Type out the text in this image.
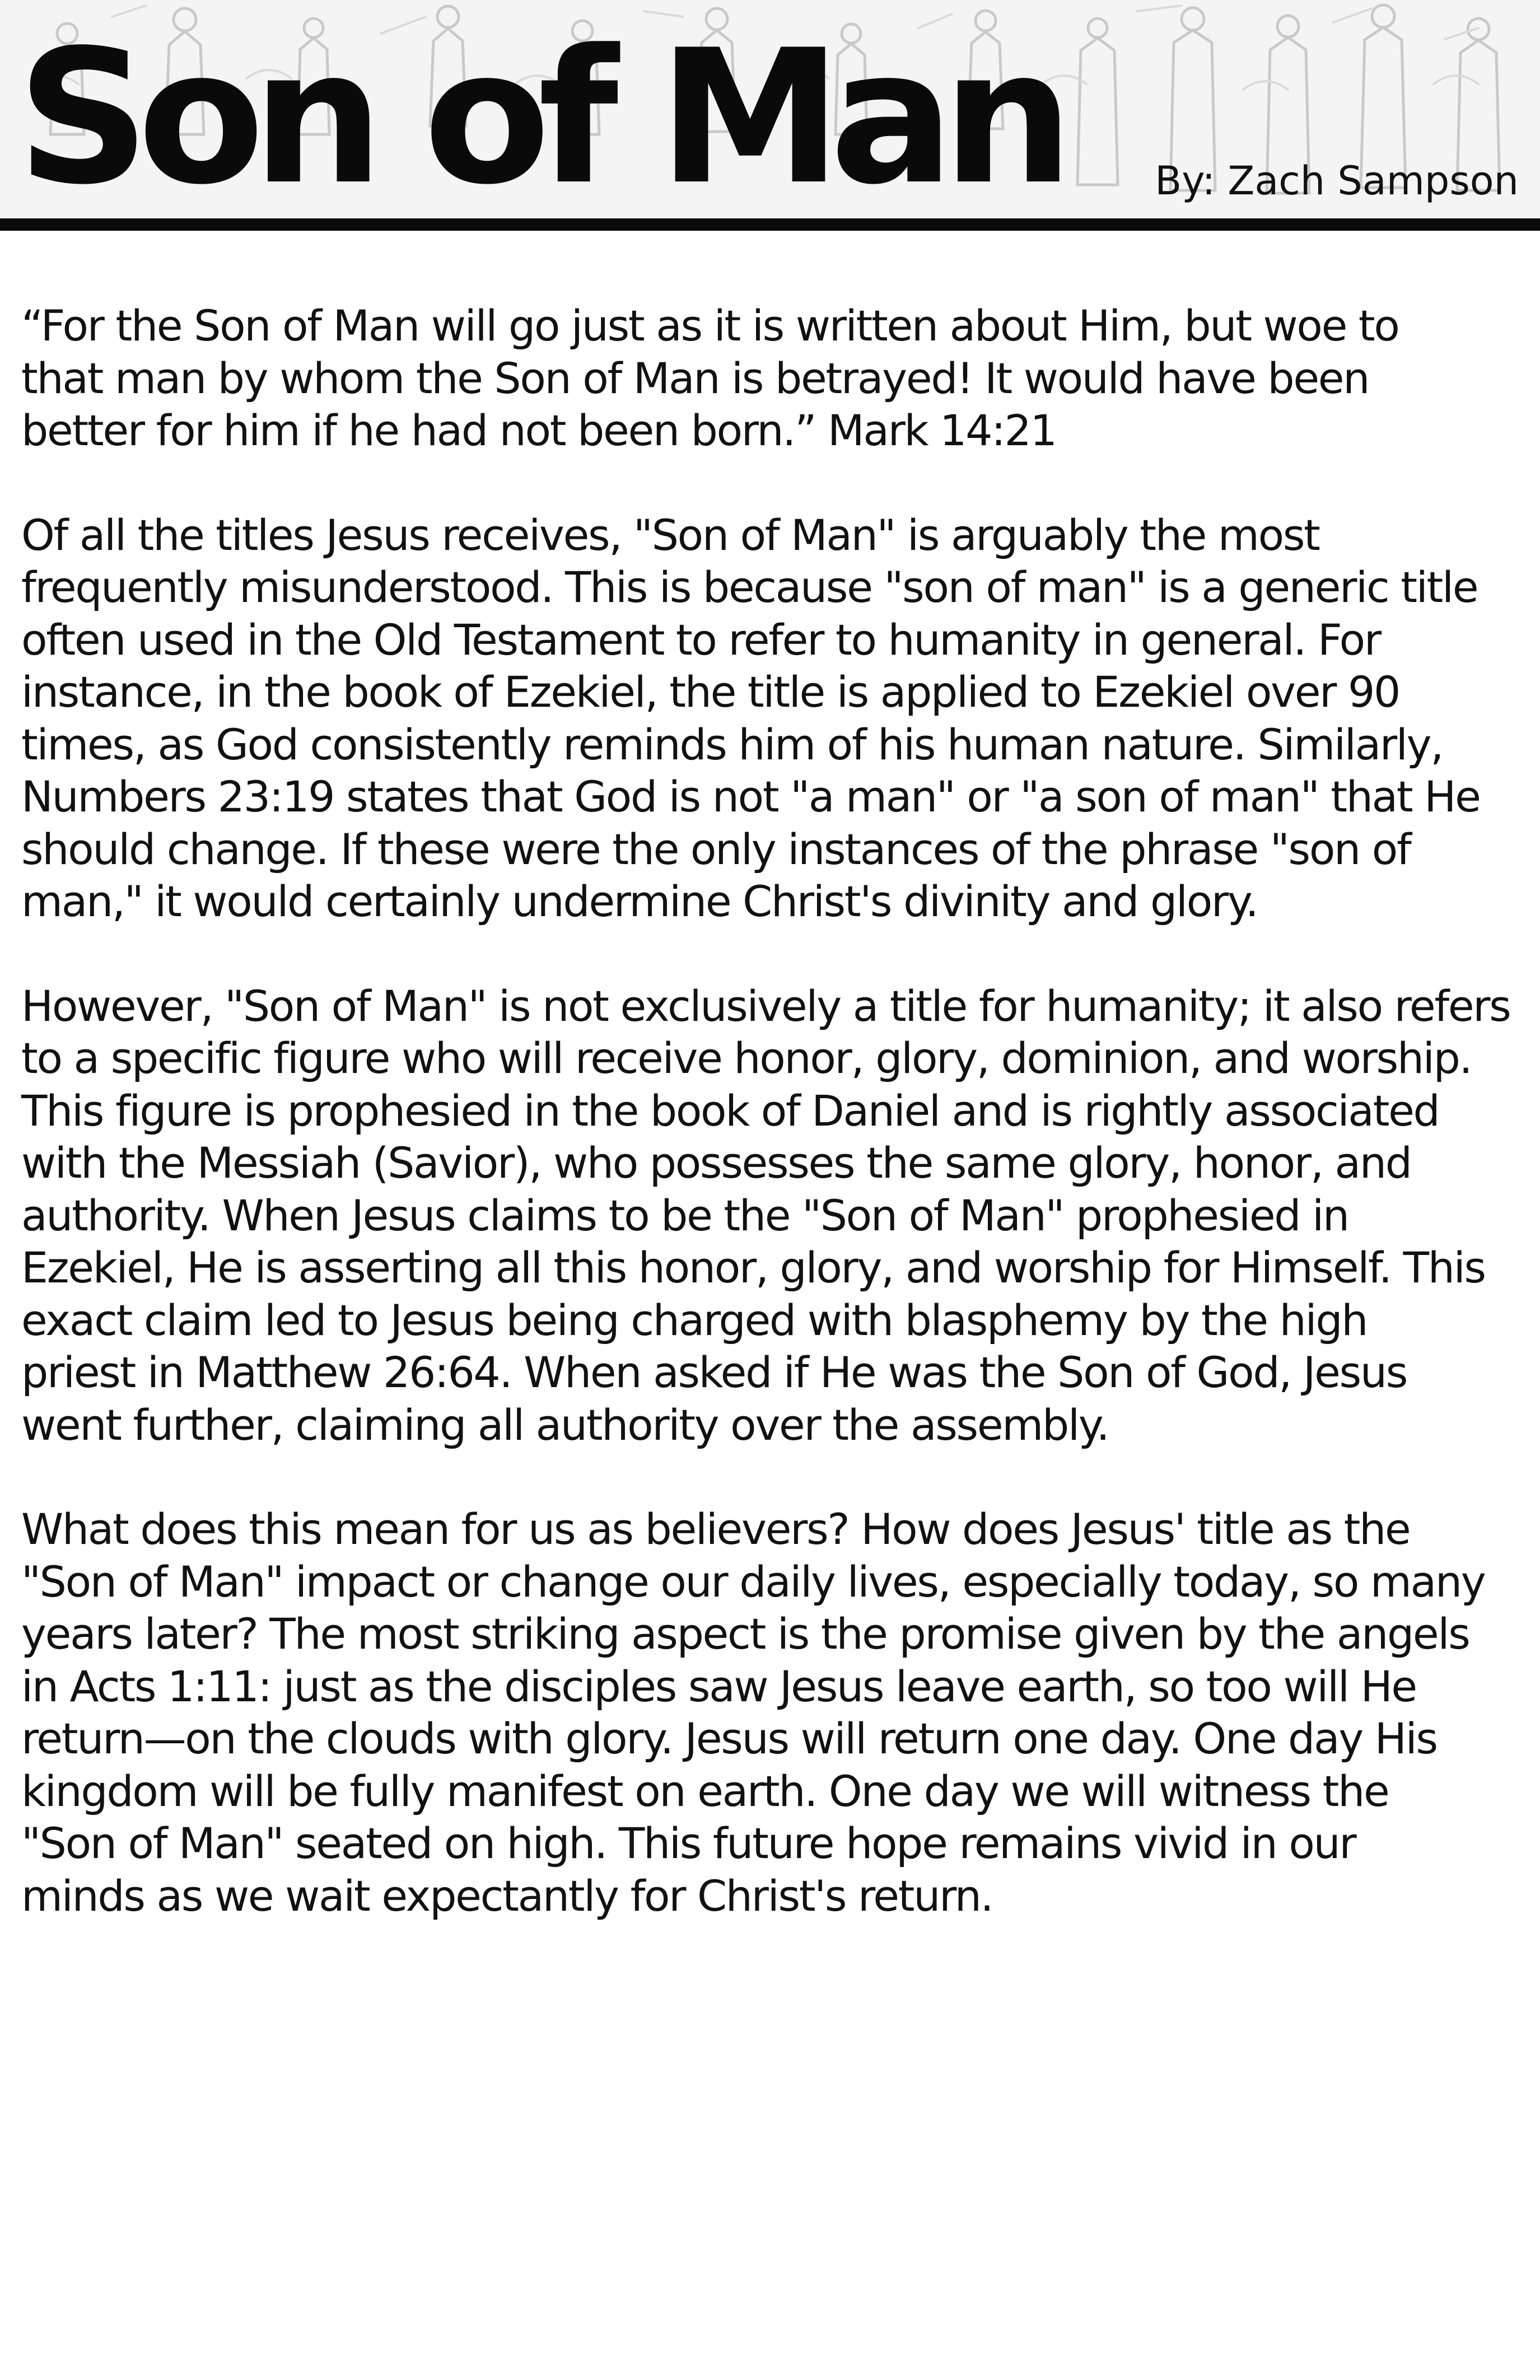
Son of Man By: Zach Sampson

“For the Son of Man will go just as it is written about Him, but woe to
that man by whom the Son of Man is betrayed! It would have been
better for him if he had not been born.” Mark 14:21

Of all the titles Jesus receives, "Son of Man" is arguably the most
frequently misunderstood. This is because "son of man" is a generic title
often used in the Old Testament to refer to humanity in general. For
instance, in the book of Ezekiel, the title is applied to Ezekiel over 90
times, as God consistently reminds him of his human nature. Similarly,
Numbers 23:19 states that God is not "a man" or "a son of man" that He
should change. If these were the only instances of the phrase "son of
man," it would certainly undermine Christ's divinity and glory.

However, "Son of Man" is not exclusively a title for humanity; it also refers
to a specific figure who will receive honor, glory, dominion, and worship.
This figure is prophesied in the book of Daniel and is rightly associated
with the Messiah (Savior), who possesses the same glory, honor, and
authority. When Jesus claims to be the "Son of Man" prophesied in
Ezekiel, He is asserting all this honor, glory, and worship for Himself. This
exact claim led to Jesus being charged with blasphemy by the high
priest in Matthew 26:64. When asked if He was the Son of God, Jesus
went further, claiming all authority over the assembly.

What does this mean for us as believers? How does Jesus' title as the
"Son of Man" impact or change our daily lives, especially today, so many
years later? The most striking aspect is the promise given by the angels
in Acts 1:11: just as the disciples saw Jesus leave earth, so too will He
return—on the clouds with glory. Jesus will return one day. One day His
kingdom will be fully manifest on earth. One day we will witness the
"Son of Man" seated on high. This future hope remains vivid in our
minds as we wait expectantly for Christ's return.
